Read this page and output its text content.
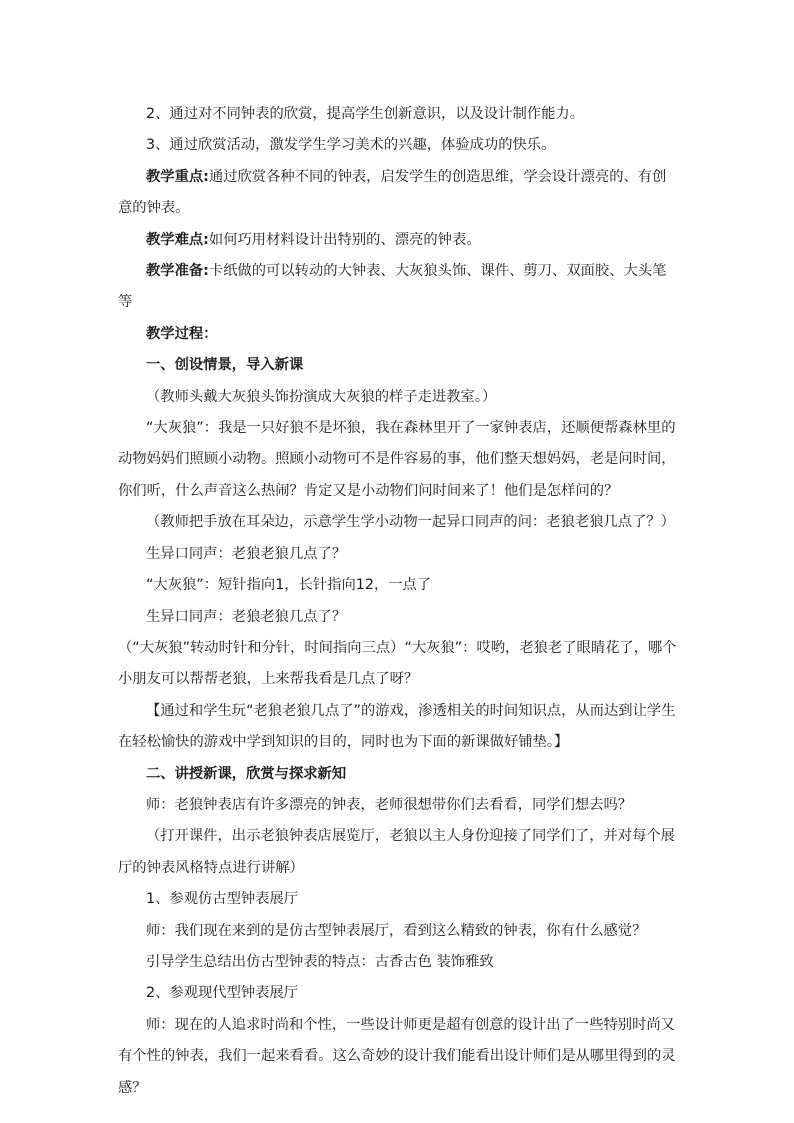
2、通过对不同钟表的欣赏，提高学生创新意识，以及设计制作能力。

3、通过欣赏活动，激发学生学习美术的兴趣，体验成功的快乐。

教学重点:通过欣赏各种不同的钟表，启发学生的创造思维，学会设计漂亮的、有创意的钟表。

教学难点:如何巧用材料设计出特别的、漂亮的钟表。

教学准备:卡纸做的可以转动的大钟表、大灰狼头饰、课件、剪刀、双面胶、大头笔等

教学过程：

一、创设情景，导入新课

（教师头戴大灰狼头饰扮演成大灰狼的样子走进教室。）

“大灰狼”：我是一只好狼不是坏狼，我在森林里开了一家钟表店，还顺便帮森林里的动物妈妈们照顾小动物。照顾小动物可不是件容易的事，他们整天想妈妈，老是问时间，你们听，什么声音这么热闹？肯定又是小动物们问时间来了！他们是怎样问的？

（教师把手放在耳朵边，示意学生学小动物一起异口同声的问：老狼老狼几点了？）

生异口同声：老狼老狼几点了？

“大灰狼”：短针指向1，长针指向12，一点了

生异口同声：老狼老狼几点了？

（“大灰狼”转动时针和分针，时间指向三点）“大灰狼”：哎哟，老狼老了眼睛花了，哪个小朋友可以帮帮老狼，上来帮我看是几点了呀？

【通过和学生玩“老狼老狼几点了”的游戏，渗透相关的时间知识点，从而达到让学生在轻松愉快的游戏中学到知识的目的，同时也为下面的新课做好铺垫。】

二、讲授新课，欣赏与探求新知

师：老狼钟表店有许多漂亮的钟表，老师很想带你们去看看，同学们想去吗？

（打开课件，出示老狼钟表店展览厅，老狼以主人身份迎接了同学们了，并对每个展厅的钟表风格特点进行讲解）

1、参观仿古型钟表展厅

师：我们现在来到的是仿古型钟表展厅，看到这么精致的钟表，你有什么感觉？

引导学生总结出仿古型钟表的特点：古香古色 装饰雅致

2、参观现代型钟表展厅

师：现在的人追求时尚和个性，一些设计师更是超有创意的设计出了一些特别时尚又有个性的钟表，我们一起来看看。这么奇妙的设计我们能看出设计师们是从哪里得到的灵感？
